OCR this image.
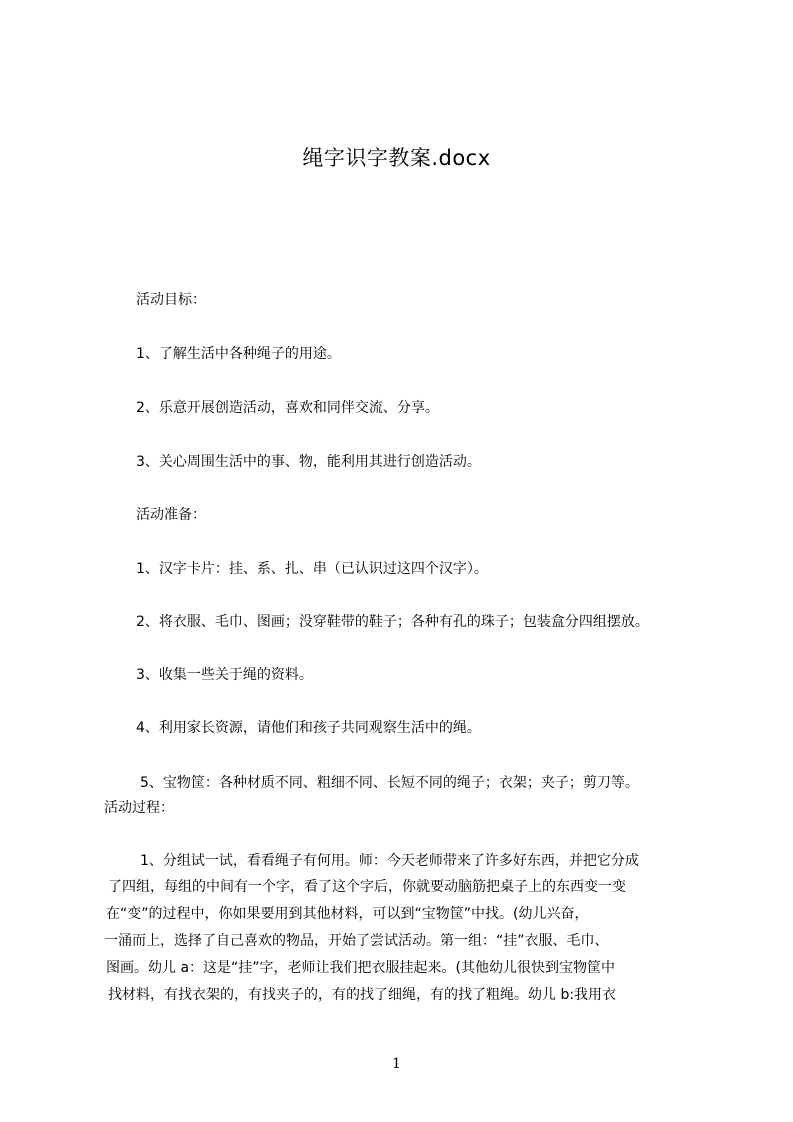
绳字识字教案.docx
活动目标：
1、了解生活中各种绳子的用途。
2、乐意开展创造活动，喜欢和同伴交流、分享。
3、关心周围生活中的事、物，能利用其进行创造活动。
活动准备：
1、汉字卡片：挂、系、扎、串（已认识过这四个汉字）。
2、将衣服、毛巾、图画；没穿鞋带的鞋子；各种有孔的珠子；包装盒分四组摆放。
3、收集一些关于绳的资料。
4、利用家长资源，请他们和孩子共同观察生活中的绳。
5、宝物筐：各种材质不同、粗细不同、长短不同的绳子；衣架；夹子；剪刀等。
活动过程：
1、分组试一试，看看绳子有何用。师：今天老师带来了许多好东西，并把它分成
了四组，每组的中间有一个字，看了这个字后，你就要动脑筋把桌子上的东西变一变
在“变”的过程中，你如果要用到其他材料，可以到“宝物筐”中找。(幼儿兴奋，
一涌而上，选择了自己喜欢的物品，开始了尝试活动。第一组：“挂”衣服、毛巾、
图画。幼儿 a：这是“挂”字，老师让我们把衣服挂起来。(其他幼儿很快到宝物筐中
找材料，有找衣架的，有找夹子的，有的找了细绳，有的找了粗绳。幼儿 b:我用衣
1
